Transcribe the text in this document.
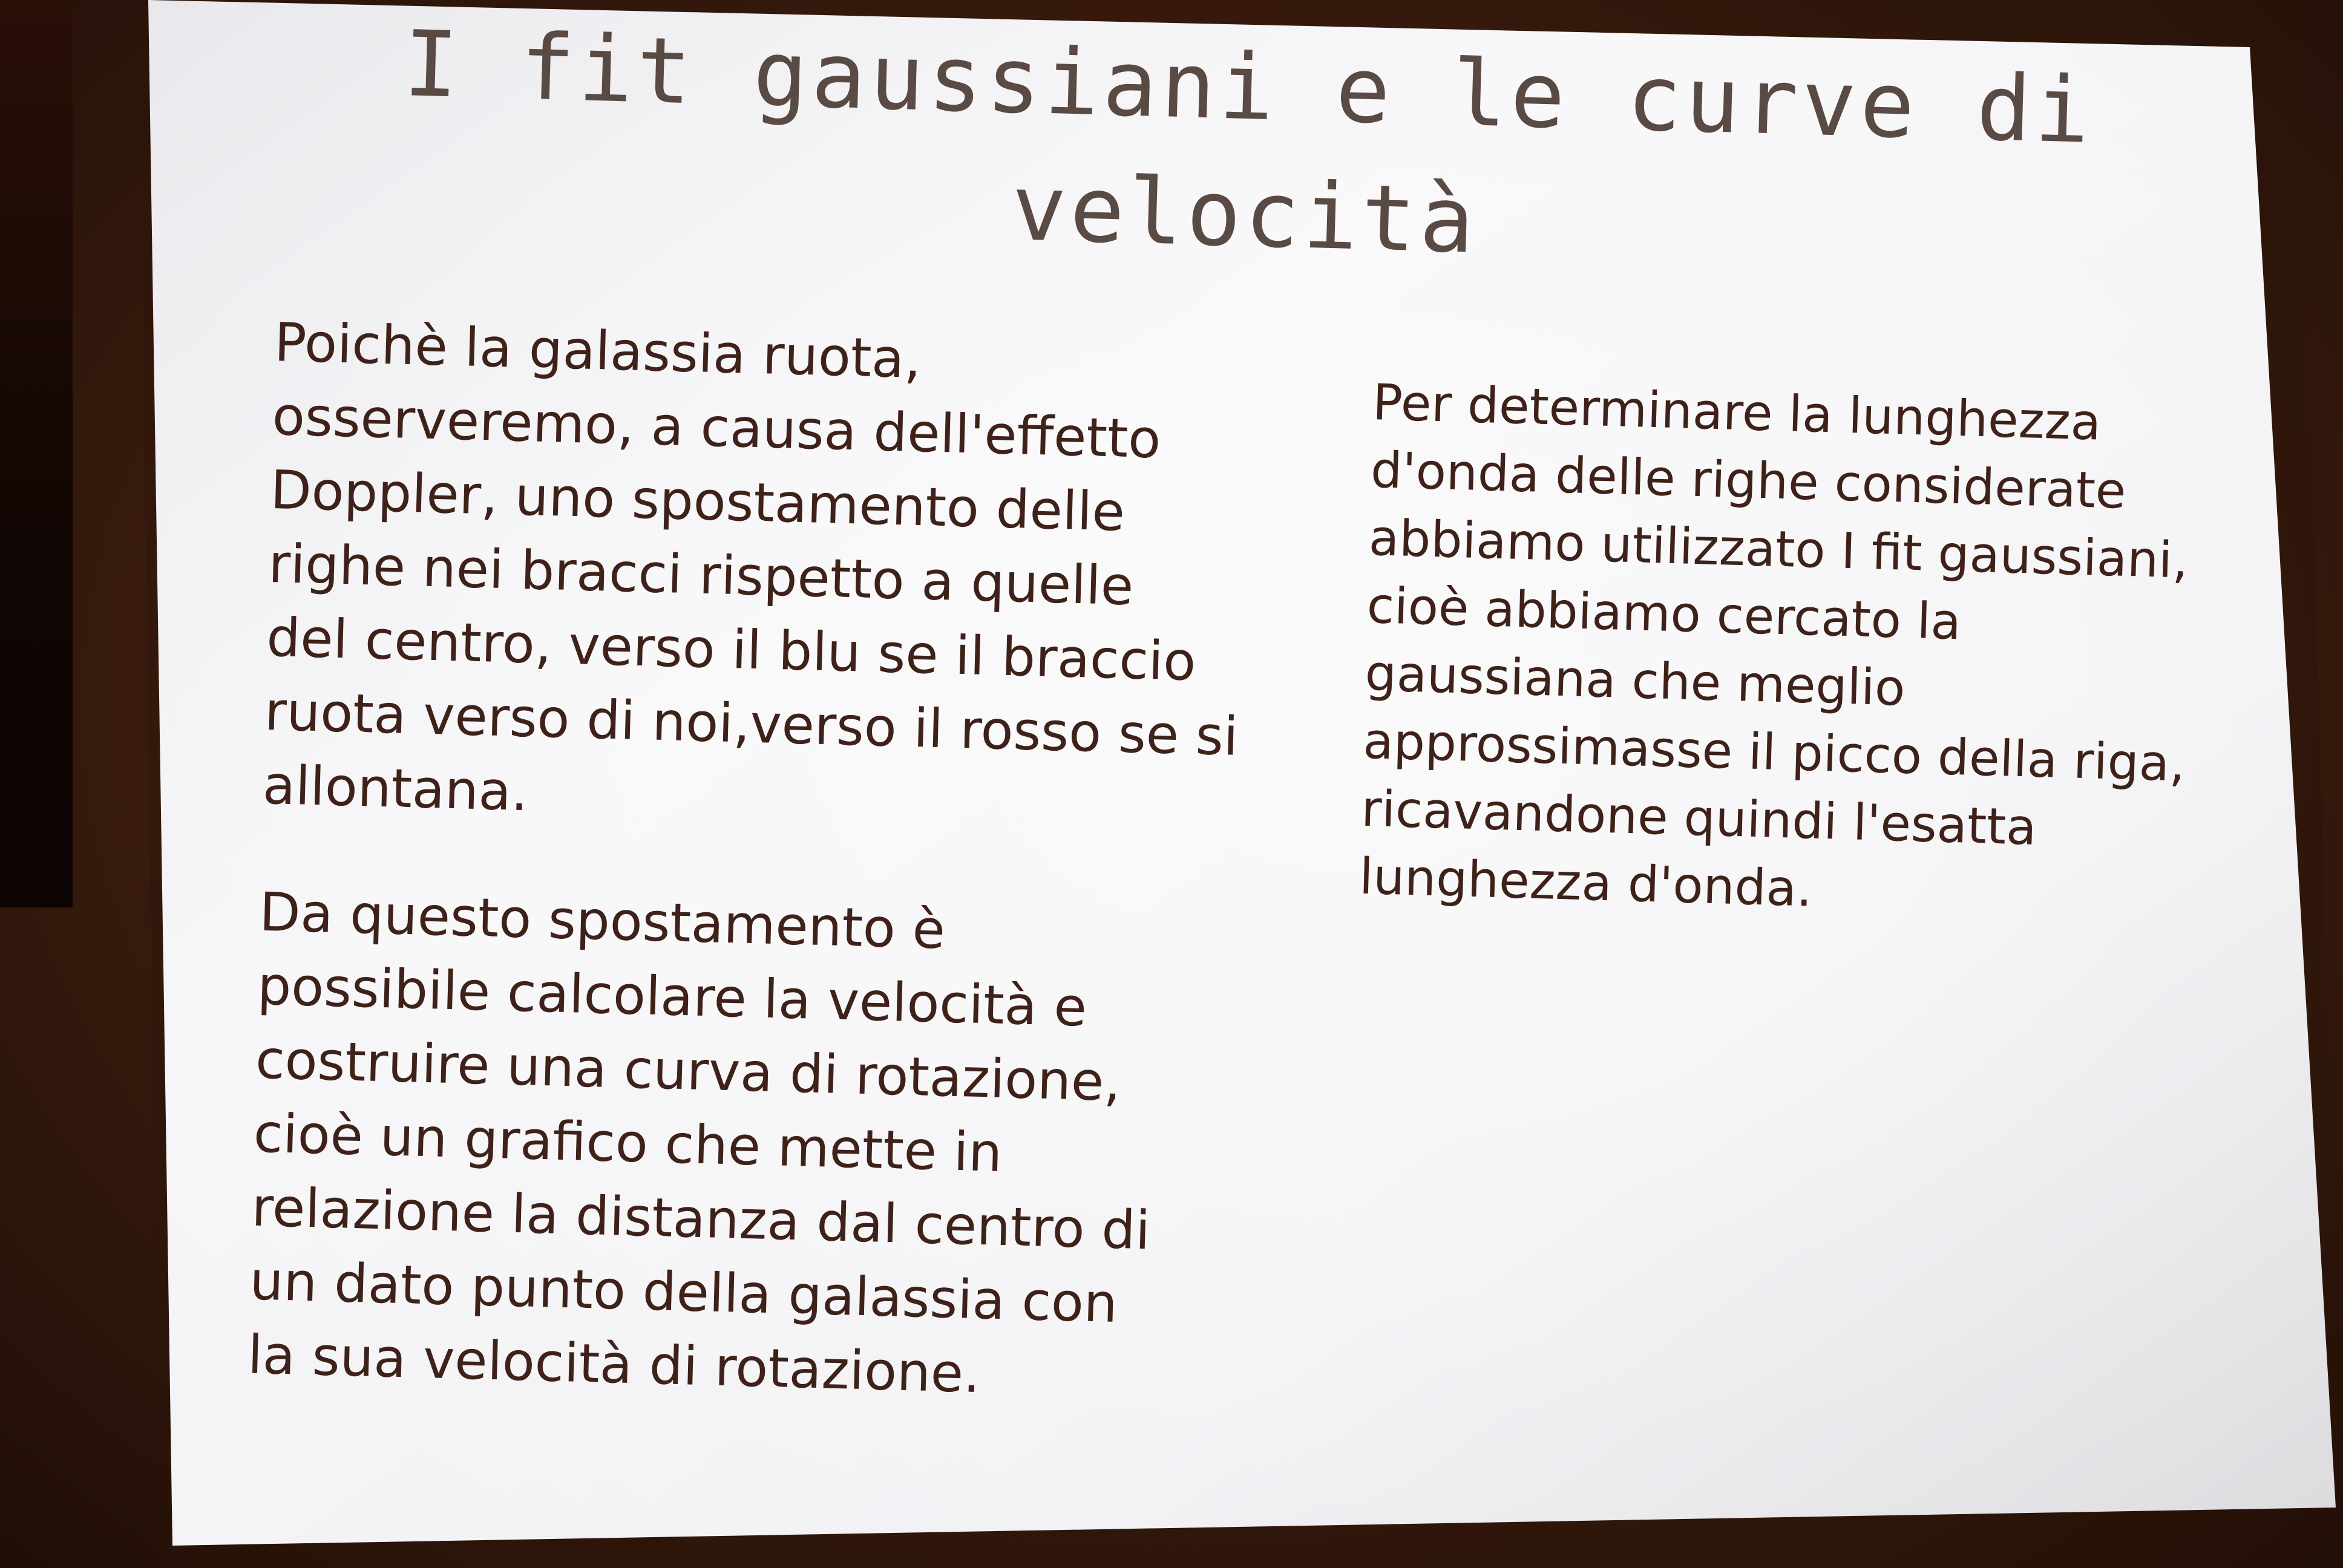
I fit gaussiani e le curve di
velocità
Poichè la galassia ruota,
osserveremo, a causa dell'effetto
Doppler, uno spostamento delle
righe nei bracci rispetto a quelle
del centro, verso il blu se il braccio
ruota verso di noi,verso il rosso se si
allontana.
Da questo spostamento è
possibile calcolare la velocità e
costruire una curva di rotazione,
cioè un grafico che mette in
relazione la distanza dal centro di
un dato punto della galassia con
la sua velocità di rotazione.
Per determinare la lunghezza
d'onda delle righe considerate
abbiamo utilizzato I fit gaussiani,
cioè abbiamo cercato la
gaussiana che meglio
approssimasse il picco della riga,
ricavandone quindi l'esatta
lunghezza d'onda.
